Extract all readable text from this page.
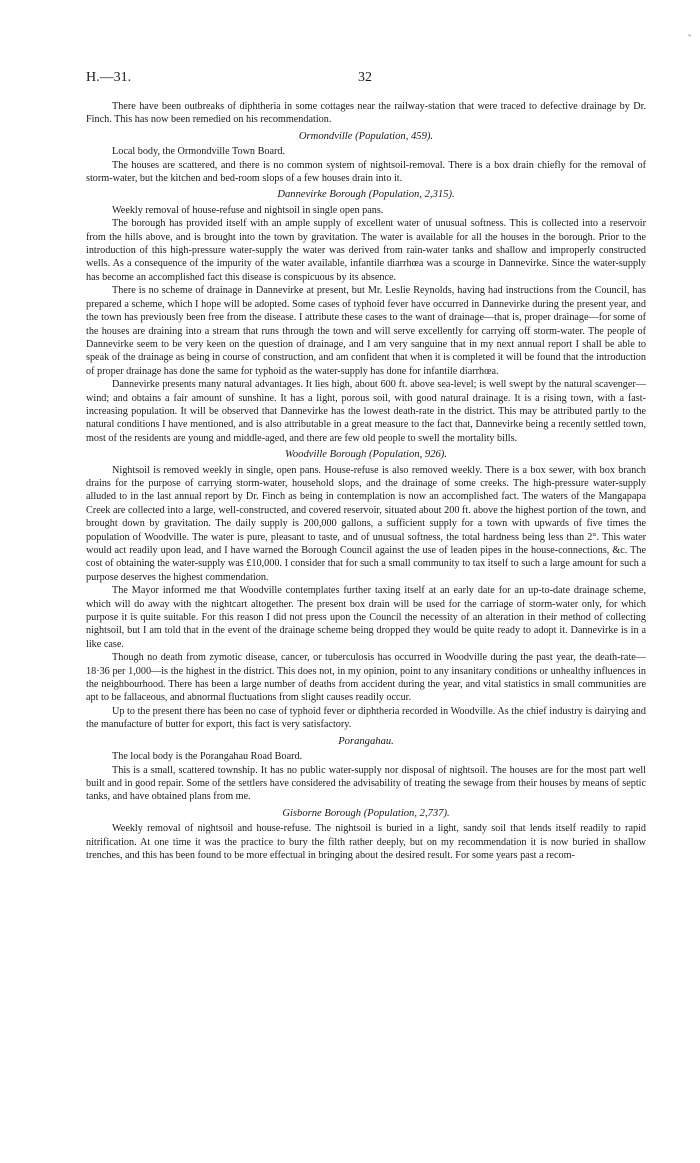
◦
H.—31.	32

There have been outbreaks of diphtheria in some cottages near the railway-station that were traced to defective drainage by Dr. Finch. This has now been remedied on his recommendation.

Ormondville (Population, 459).

Local body, the Ormondville Town Board.

The houses are scattered, and there is no common system of nightsoil-removal. There is a box drain chiefly for the removal of storm-water, but the kitchen and bed-room slops of a few houses drain into it.

Dannevirke Borough (Population, 2,315).

Weekly removal of house-refuse and nightsoil in single open pans.

The borough has provided itself with an ample supply of excellent water of unusual softness. This is collected into a reservoir from the hills above, and is brought into the town by gravitation. The water is available for all the houses in the borough. Prior to the introduction of this high-pressure water-supply the water was derived from rain-water tanks and shallow and improperly constructed wells. As a consequence of the impurity of the water available, infantile diarrhœa was a scourge in Dannevirke. Since the water-supply has become an accomplished fact this disease is conspicuous by its absence.

There is no scheme of drainage in Dannevirke at present, but Mr. Leslie Reynolds, having had instructions from the Council, has prepared a scheme, which I hope will be adopted. Some cases of typhoid fever have occurred in Dannevirke during the present year, and the town has previously been free from the disease. I attribute these cases to the want of drainage—that is, proper drainage—for some of the houses are draining into a stream that runs through the town and will serve excellently for carrying off storm-water. The people of Dannevirke seem to be very keen on the question of drainage, and I am very sanguine that in my next annual report I shall be able to speak of the drainage as being in course of construction, and am confident that when it is completed it will be found that the introduction of proper drainage has done the same for typhoid as the water-supply has done for infantile diarrhœa.

Dannevirke presents many natural advantages. It lies high, about 600 ft. above sea-level; is well swept by the natural scavenger—wind; and obtains a fair amount of sunshine. It has a light, porous soil, with good natural drainage. It is a rising town, with a fast-increasing population. It will be observed that Dannevirke has the lowest death-rate in the district. This may be attributed partly to the natural conditions I have mentioned, and is also attributable in a great measure to the fact that, Dannevirke being a recently settled town, most of the residents are young and middle-aged, and there are few old people to swell the mortality bills.

Woodville Borough (Population, 926).

Nightsoil is removed weekly in single, open pans. House-refuse is also removed weekly. There is a box sewer, with box branch drains for the purpose of carrying storm-water, household slops, and the drainage of some creeks. The high-pressure water-supply alluded to in the last annual report by Dr. Finch as being in contemplation is now an accomplished fact. The waters of the Mangapapa Creek are collected into a large, well-constructed, and covered reservoir, situated about 200 ft. above the highest portion of the town, and brought down by gravitation. The daily supply is 200,000 gallons, a sufficient supply for a town with upwards of five times the population of Woodville. The water is pure, pleasant to taste, and of unusual softness, the total hardness being less than 2°. This water would act readily upon lead, and I have warned the Borough Council against the use of leaden pipes in the house-connections, &c. The cost of obtaining the water-supply was £10,000. I consider that for such a small community to tax itself to such a large amount for such a purpose deserves the highest commendation.

The Mayor informed me that Woodville contemplates further taxing itself at an early date for an up-to-date drainage scheme, which will do away with the nightcart altogether. The present box drain will be used for the carriage of storm-water only, for which purpose it is quite suitable. For this reason I did not press upon the Council the necessity of an alteration in their method of collecting nightsoil, but I am told that in the event of the drainage scheme being dropped they would be quite ready to adopt it. Dannevirke is in a like case.

Though no death from zymotic disease, cancer, or tuberculosis has occurred in Woodville during the past year, the death-rate—18·36 per 1,000—is the highest in the district. This does not, in my opinion, point to any insanitary conditions or unhealthy influences in the neighbourhood. There has been a large number of deaths from accident during the year, and vital statistics in small communities are apt to be fallaceous, and abnormal fluctuations from slight causes readily occur.

Up to the present there has been no case of typhoid fever or diphtheria recorded in Woodville. As the chief industry is dairying and the manufacture of butter for export, this fact is very satisfactory.

Porangahau.

The local body is the Porangahau Road Board.

This is a small, scattered township. It has no public water-supply nor disposal of nightsoil. The houses are for the most part well built and in good repair. Some of the settlers have considered the advisability of treating the sewage from their houses by means of septic tanks, and have obtained plans from me.

Gisborne Borough (Population, 2,737).

Weekly removal of nightsoil and house-refuse. The nightsoil is buried in a light, sandy soil that lends itself readily to rapid nitrification. At one time it was the practice to bury the filth rather deeply, but on my recommendation it is now buried in shallow trenches, and this has been found to be more effectual in bringing about the desired result. For some years past a recom-
